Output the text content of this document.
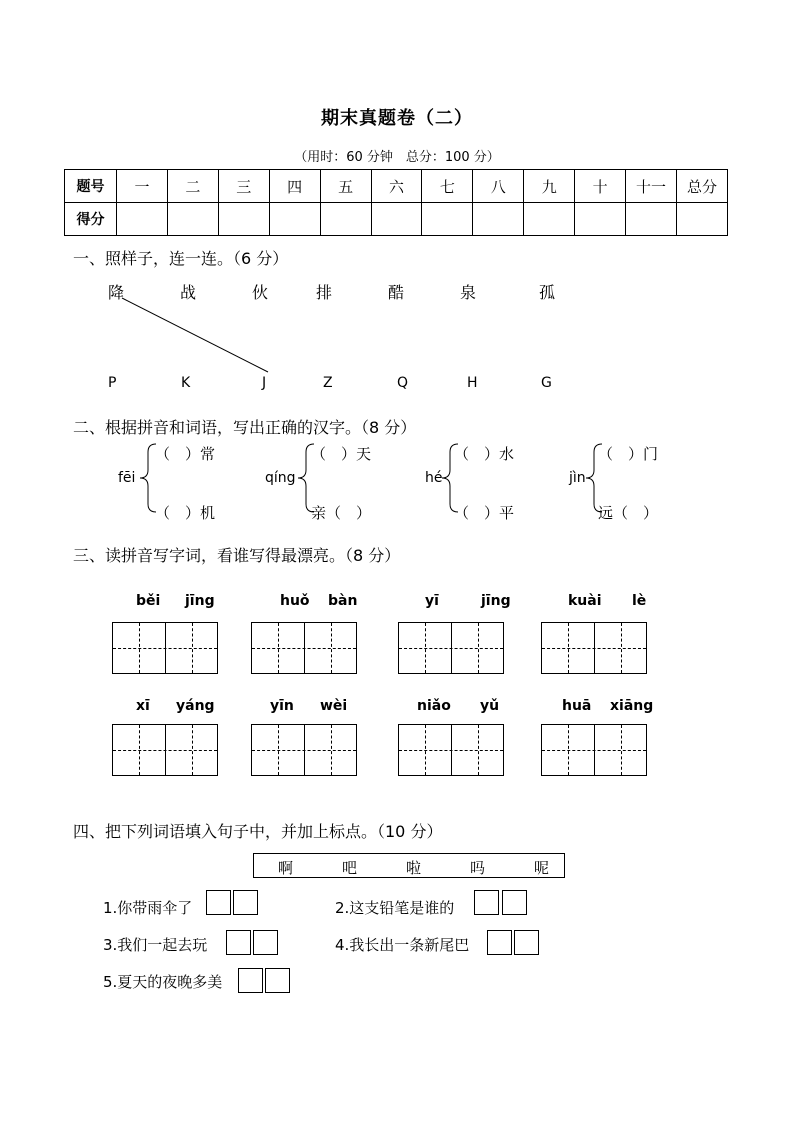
期末真题卷（二）
（用时：60 分钟　总分：100 分）
题号	一	二	三	四	五	六	七	八	九	十	十一	总分
得分												
一、照样子，连一连。（6 分）
降	战	伙	排	酷	泉	孤
P	K	J	Z	Q	H	G
二、根据拼音和词语，写出正确的汉字。（8 分）
fēi
（　）常
（　）机
qíng
（　）天
亲（　）
hé
（　）水
（　）平
jìn
（　）门
远（　）
三、读拼音写字词，看谁写得最漂亮。（8 分）
běi jīng	huǒ bàn	yī	jīng	kuài lè
xī yáng	yīn wèi	niǎo yǔ	huā xiāng
四、把下列词语填入句子中，并加上标点。（10 分）
啊	吧	啦	吗	呢
1.你带雨伞了	2.这支铅笔是谁的
3.我们一起去玩	4.我长出一条新尾巴
5.夏天的夜晚多美
